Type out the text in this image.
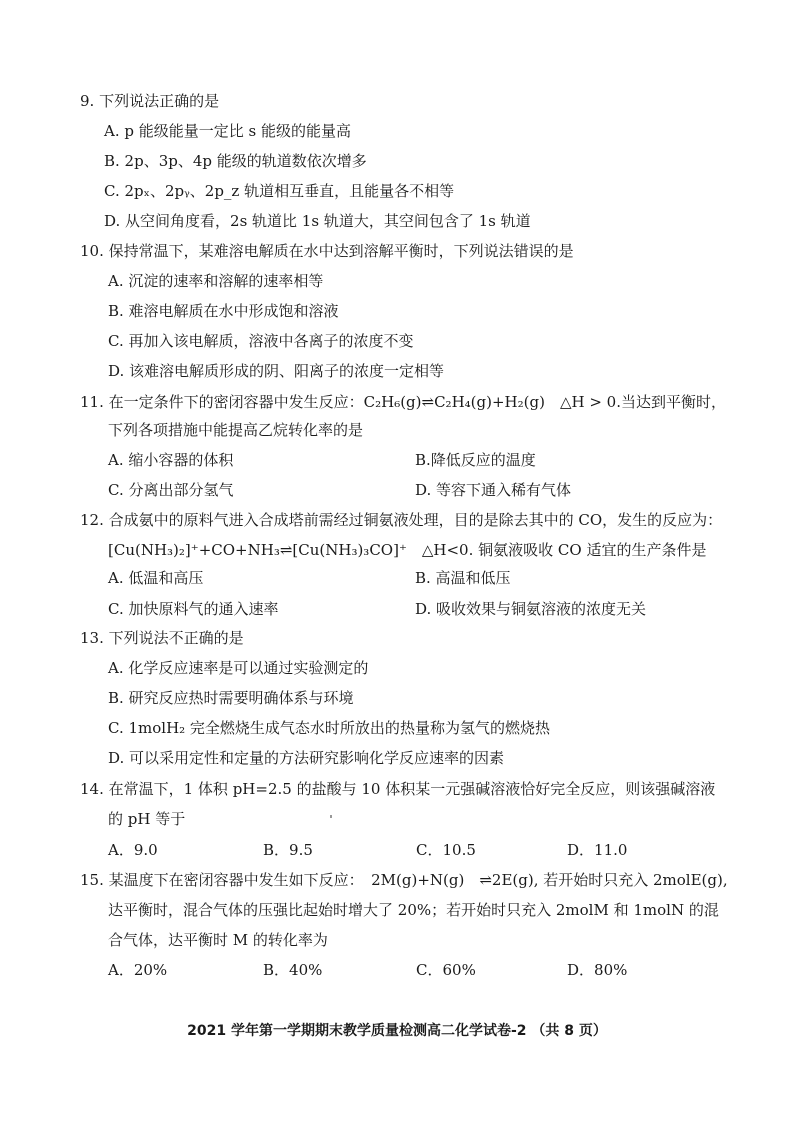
9. 下列说法正确的是
A. p 能级能量一定比 s 能级的能量高
B. 2p、3p、4p 能级的轨道数依次增多
C. 2pₓ、2pᵧ、2p_z 轨道相互垂直，且能量各不相等
D. 从空间角度看，2s 轨道比 1s 轨道大，其空间包含了 1s 轨道
10. 保持常温下，某难溶电解质在水中达到溶解平衡时，下列说法错误的是
A. 沉淀的速率和溶解的速率相等
B. 难溶电解质在水中形成饱和溶液
C. 再加入该电解质，溶液中各离子的浓度不变
D. 该难溶电解质形成的阴、阳离子的浓度一定相等
11. 在一定条件下的密闭容器中发生反应：C₂H₆(g)⇌C₂H₄(g)+H₂(g)　△H > 0.当达到平衡时，
下列各项措施中能提高乙烷转化率的是
A. 缩小容器的体积	B.降低反应的温度
C. 分离出部分氢气	D. 等容下通入稀有气体
12. 合成氨中的原料气进入合成塔前需经过铜氨液处理，目的是除去其中的 CO，发生的反应为：
[Cu(NH₃)₂]⁺+CO+NH₃⇌[Cu(NH₃)₃CO]⁺　△H<0. 铜氨液吸收 CO 适宜的生产条件是
A. 低温和高压	B. 高温和低压
C. 加快原料气的通入速率	D. 吸收效果与铜氨溶液的浓度无关
13. 下列说法不正确的是
A. 化学反应速率是可以通过实验测定的
B. 研究反应热时需要明确体系与环境
C. 1molH₂ 完全燃烧生成气态水时所放出的热量称为氢气的燃烧热
D. 可以采用定性和定量的方法研究影响化学反应速率的因素
14. 在常温下，1 体积 pH=2.5 的盐酸与 10 体积某一元强碱溶液恰好完全反应，则该强碱溶液
的 pH 等于
A．9.0	B．9.5	C．10.5	D．11.0
15. 某温度下在密闭容器中发生如下反应：　2M(g)+N(g)　⇌2E(g), 若开始时只充入 2molE(g),
达平衡时，混合气体的压强比起始时增大了 20%；若开始时只充入 2molM 和 1molN 的混
合气体，达平衡时 M 的转化率为
A．20%	B．40%	C．60%	D．80%
2021 学年第一学期期末教学质量检测高二化学试卷-2 （共 8 页）
